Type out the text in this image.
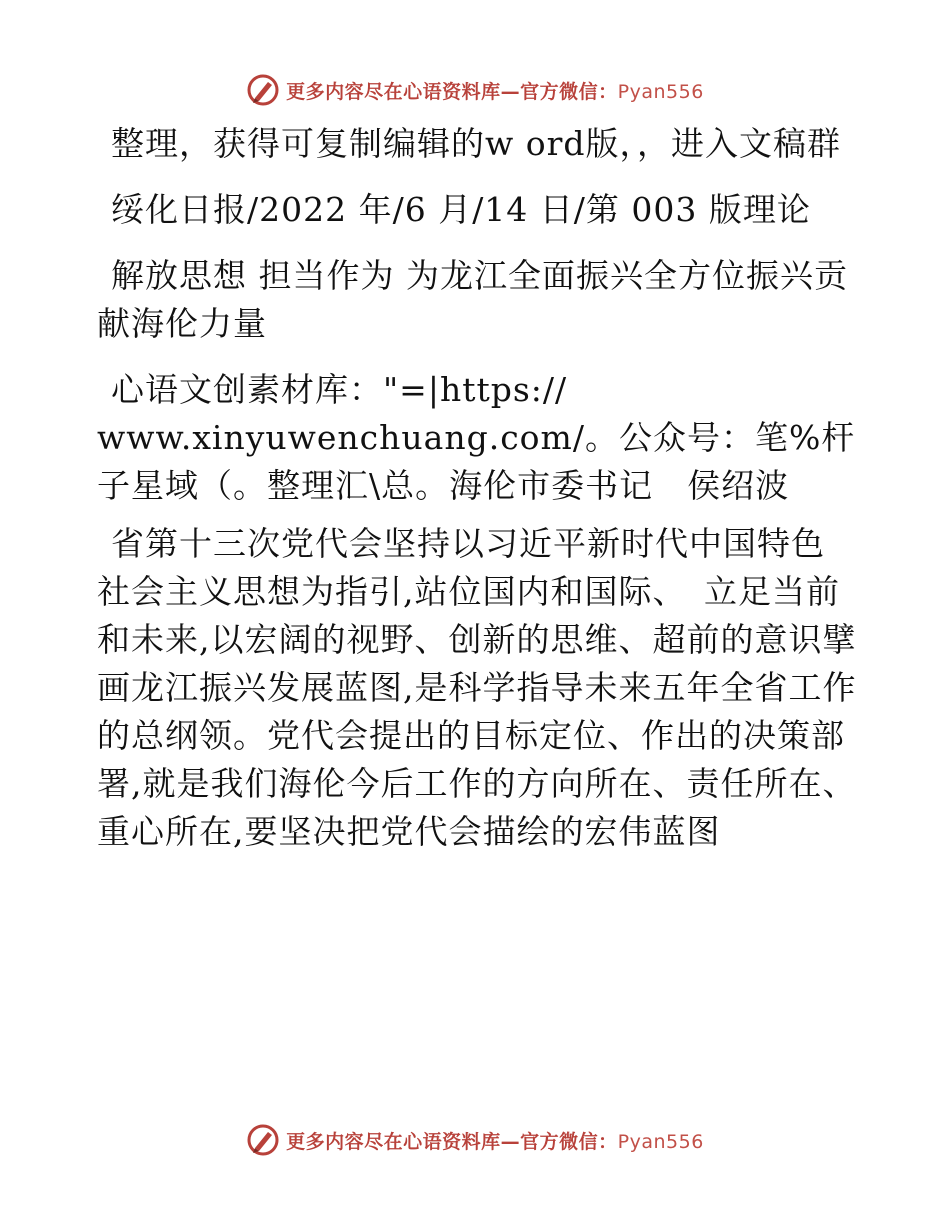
更多内容尽在心语资料库—官方微信：Pyan556

整理，获得可复制编辑的w ord版，，进入文稿群

绥化日报/2022 年/6 月/14 日/第 003 版理论

解放思想 担当作为 为龙江全面振兴全方位振兴贡献海伦力量

心语文创素材库："=|https://
www.xinyuwenchuang.com/。公众号：笔%杆子星域（。整理汇\总。海伦市委书记　侯绍波

省第十三次党代会坚持以习近平新时代中国特色社会主义思想为指引,站位国内和国际、　立足当前和未来,以宏阔的视野、创新的思维、超前的意识擘画龙江振兴发展蓝图,是科学指导未来五年全省工作的总纲领。党代会提出的目标定位、作出的决策部署,就是我们海伦今后工作的方向所在、责任所在、重心所在,要坚决把党代会描绘的宏伟蓝图

更多内容尽在心语资料库—官方微信：Pyan556
